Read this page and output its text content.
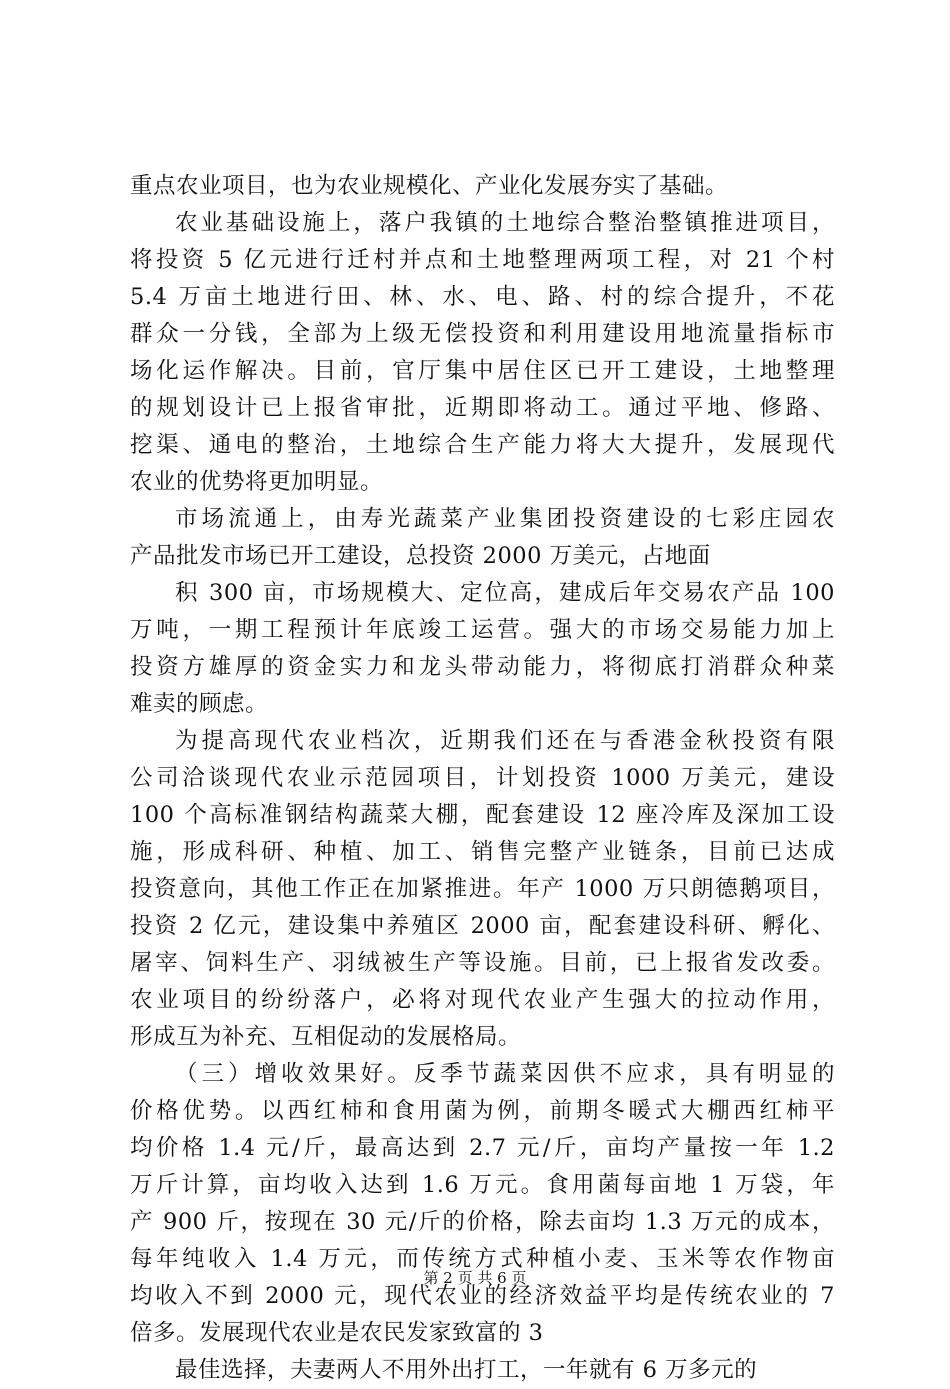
重点农业项目，也为农业规模化、产业化发展夯实了基础。
农业基础设施上，落户我镇的土地综合整治整镇推进项目，
将投资 5 亿元进行迁村并点和土地整理两项工程，对 21 个村
5.4 万亩土地进行田、林、水、电、路、村的综合提升，不花
群众一分钱，全部为上级无偿投资和利用建设用地流量指标市
场化运作解决。目前，官厅集中居住区已开工建设，土地整理
的规划设计已上报省审批，近期即将动工。通过平地、修路、
挖渠、通电的整治，土地综合生产能力将大大提升，发展现代
农业的优势将更加明显。
市场流通上，由寿光蔬菜产业集团投资建设的七彩庄园农
产品批发市场已开工建设，总投资 2000 万美元，占地面
积 300 亩，市场规模大、定位高，建成后年交易农产品 100
万吨，一期工程预计年底竣工运营。强大的市场交易能力加上
投资方雄厚的资金实力和龙头带动能力，将彻底打消群众种菜
难卖的顾虑。
为提高现代农业档次，近期我们还在与香港金秋投资有限
公司洽谈现代农业示范园项目，计划投资 1000 万美元，建设
100 个高标准钢结构蔬菜大棚，配套建设 12 座冷库及深加工设
施，形成科研、种植、加工、销售完整产业链条，目前已达成
投资意向，其他工作正在加紧推进。年产 1000 万只朗德鹅项目，
投资 2 亿元，建设集中养殖区 2000 亩，配套建设科研、孵化、
屠宰、饲料生产、羽绒被生产等设施。目前，已上报省发改委。
农业项目的纷纷落户，必将对现代农业产生强大的拉动作用，
形成互为补充、互相促动的发展格局。
（三）增收效果好。反季节蔬菜因供不应求，具有明显的
价格优势。以西红柿和食用菌为例，前期冬暖式大棚西红柿平
均价格 1.4 元/斤，最高达到 2.7 元/斤，亩均产量按一年 1.2
万斤计算，亩均收入达到 1.6 万元。食用菌每亩地 1 万袋，年
产 900 斤，按现在 30 元/斤的价格，除去亩均 1.3 万元的成本，
每年纯收入 1.4 万元，而传统方式种植小麦、玉米等农作物亩
均收入不到 2000 元，现代农业的经济效益平均是传统农业的 7
倍多。发展现代农业是农民发家致富的 3
最佳选择，夫妻两人不用外出打工，一年就有 6 万多元的
第 2 页 共 6 页
